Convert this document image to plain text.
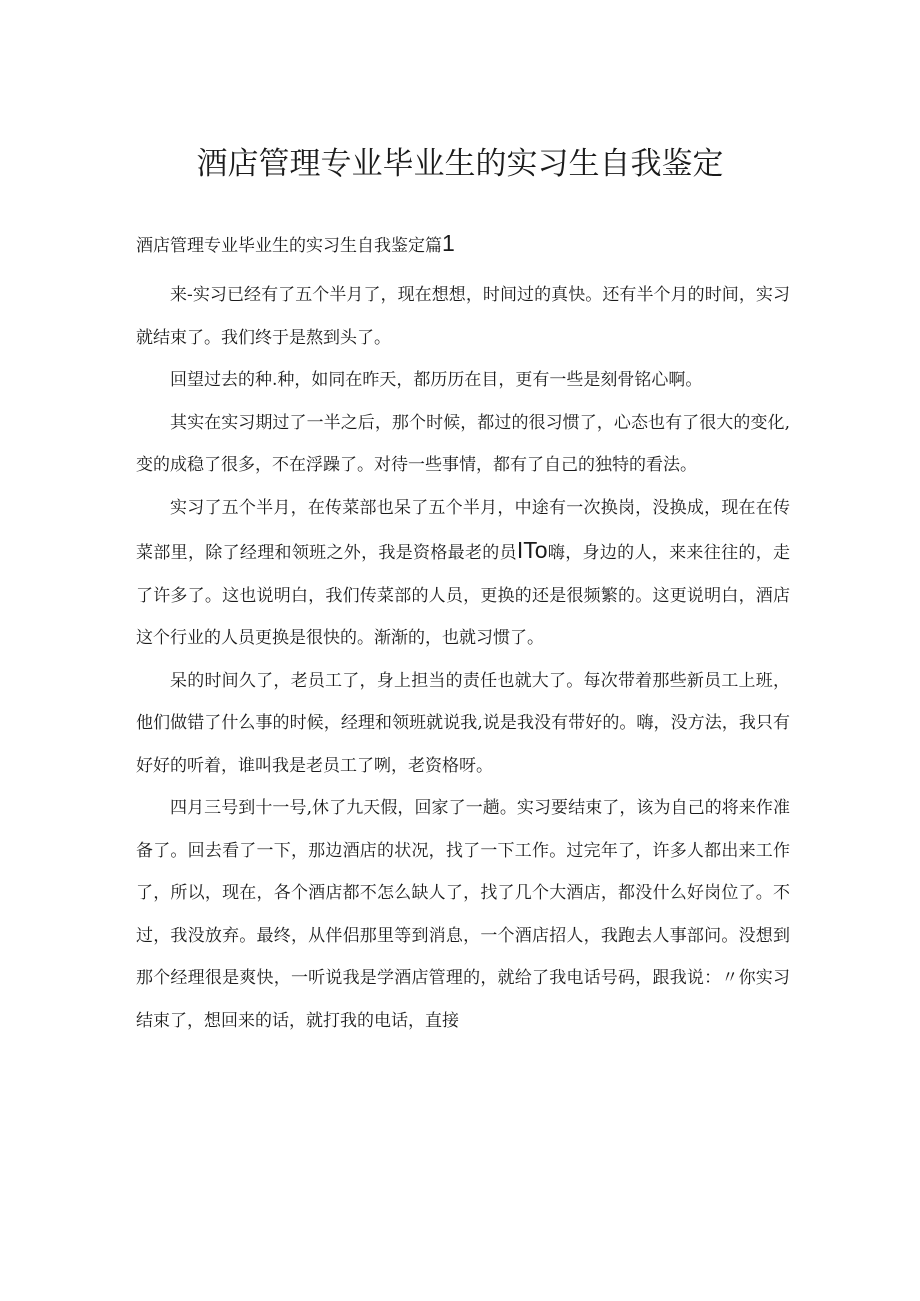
酒店管理专业毕业生的实习生自我鉴定
酒店管理专业毕业生的实习生自我鉴定篇1

来-实习已经有了五个半月了，现在想想，时间过的真快。还有半个月的时间，实习就结束了。我们终于是熬到头了。

回望过去的种.种，如同在昨天，都历历在目，更有一些是刻骨铭心啊。

其实在实习期过了一半之后，那个时候，都过的很习惯了，心态也有了很大的变化,变的成稳了很多，不在浮躁了。对待一些事情，都有了自己的独特的看法。

实习了五个半月，在传菜部也呆了五个半月，中途有一次换岗，没换成，现在在传菜部里，除了经理和领班之外，我是资格最老的员ITo嗨，身边的人，来来往往的，走了许多了。这也说明白，我们传菜部的人员，更换的还是很频繁的。这更说明白，酒店这个行业的人员更换是很快的。渐渐的，也就习惯了。

呆的时间久了，老员工了，身上担当的责任也就大了。每次带着那些新员工上班，他们做错了什么事的时候，经理和领班就说我,说是我没有带好的。嗨，没方法，我只有好好的听着，谁叫我是老员工了咧，老资格呀。

四月三号到十一号,休了九天假，回家了一趟。实习要结束了，该为自己的将来作准备了。回去看了一下，那边酒店的状况，找了一下工作。过完年了，许多人都出来工作了，所以，现在，各个酒店都不怎么缺人了，找了几个大酒店，都没什么好岗位了。不过，我没放弃。最终，从伴侣那里等到消息，一个酒店招人，我跑去人事部问。没想到那个经理很是爽快，一听说我是学酒店管理的，就给了我电话号码，跟我说：〃你实习结束了，想回来的话，就打我的电话，直接
